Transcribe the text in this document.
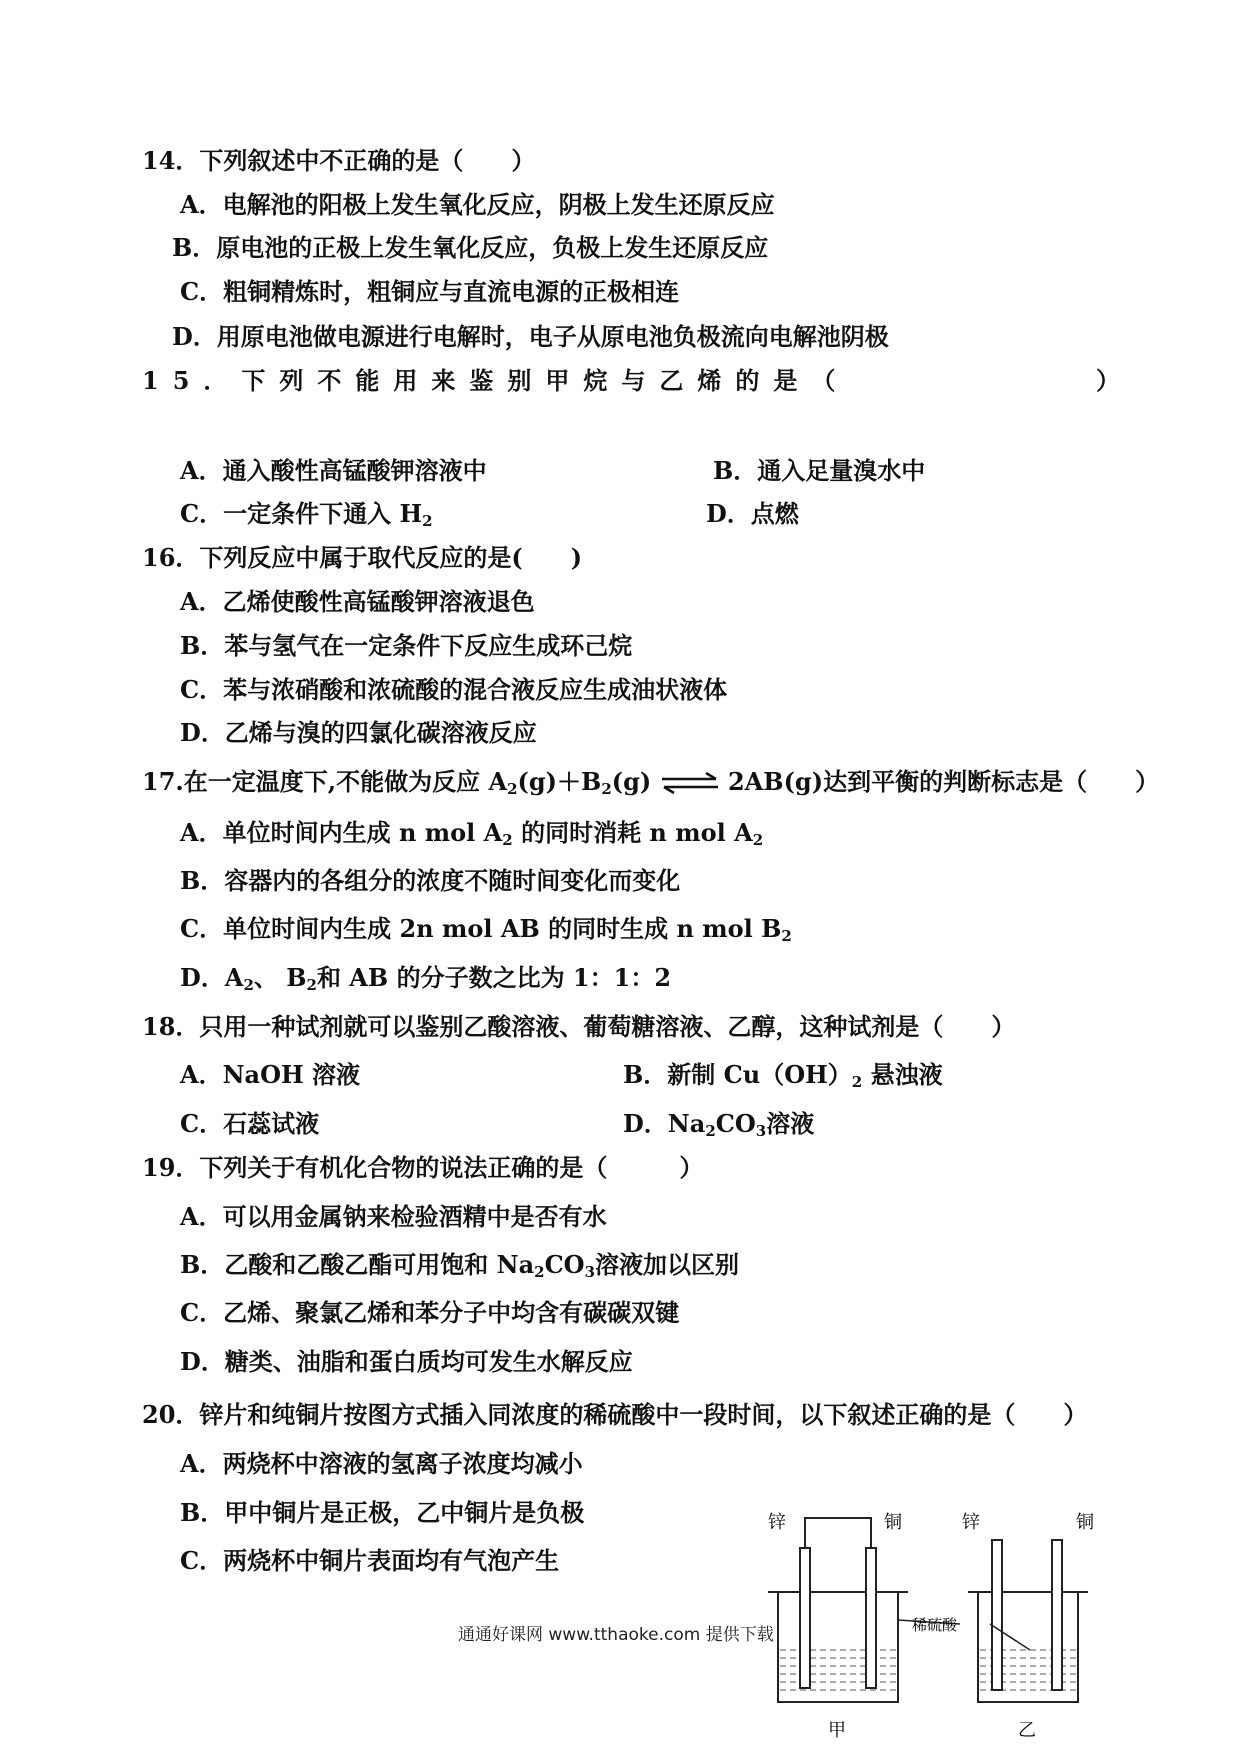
14．下列叙述中不正确的是（　　）
A．电解池的阳极上发生氧化反应，阴极上发生还原反应
B．原电池的正极上发生氧化反应，负极上发生还原反应
C．粗铜精炼时，粗铜应与直流电源的正极相连
D．用原电池做电源进行电解时，电子从原电池负极流向电解池阴极
15．下列不能用来鉴别甲烷与乙烯的是（	）
A．通入酸性高锰酸钾溶液中	B．通入足量溴水中
C．一定条件下通入 $H_2$	D．点燃
16．下列反应中属于取代反应的是(　　)
A．乙烯使酸性高锰酸钾溶液退色
B．苯与氢气在一定条件下反应生成环己烷
C．苯与浓硝酸和浓硫酸的混合液反应生成油状液体
D．乙烯与溴的四氯化碳溶液反应
17.在一定温度下,不能做为反应 $A_2(g)+B_2(g)$ ⇌ 2AB(g)达到平衡的判断标志是（　　）
A．单位时间内生成 n mol $A_2$ 的同时消耗 n mol $A_2$
B．容器内的各组分的浓度不随时间变化而变化
C．单位时间内生成 2n mol AB 的同时生成 n mol $B_2$
D．$A_2$、 $B_2$和 AB 的分子数之比为 1：1：2
18．只用一种试剂就可以鉴别乙酸溶液、葡萄糖溶液、乙醇，这种试剂是（　　）
A．NaOH 溶液	B．新制 $Cu(OH)_2$ 悬浊液
C．石蕊试液	D．$Na_2CO_3$溶液
19．下列关于有机化合物的说法正确的是（　　　）
A．可以用金属钠来检验酒精中是否有水
B．乙酸和乙酸乙酯可用饱和 $Na_2CO_3$溶液加以区别
C．乙烯、聚氯乙烯和苯分子中均含有碳碳双键
D．糖类、油脂和蛋白质均可发生水解反应
20．锌片和纯铜片按图方式插入同浓度的稀硫酸中一段时间，以下叙述正确的是（　　）
A．两烧杯中溶液的氢离子浓度均减小
B．甲中铜片是正极，乙中铜片是负极
C．两烧杯中铜片表面均有气泡产生
锌	铜	锌	铜
稀硫酸
甲	乙
通通好课网 www.tthaoke.com 提供下载
